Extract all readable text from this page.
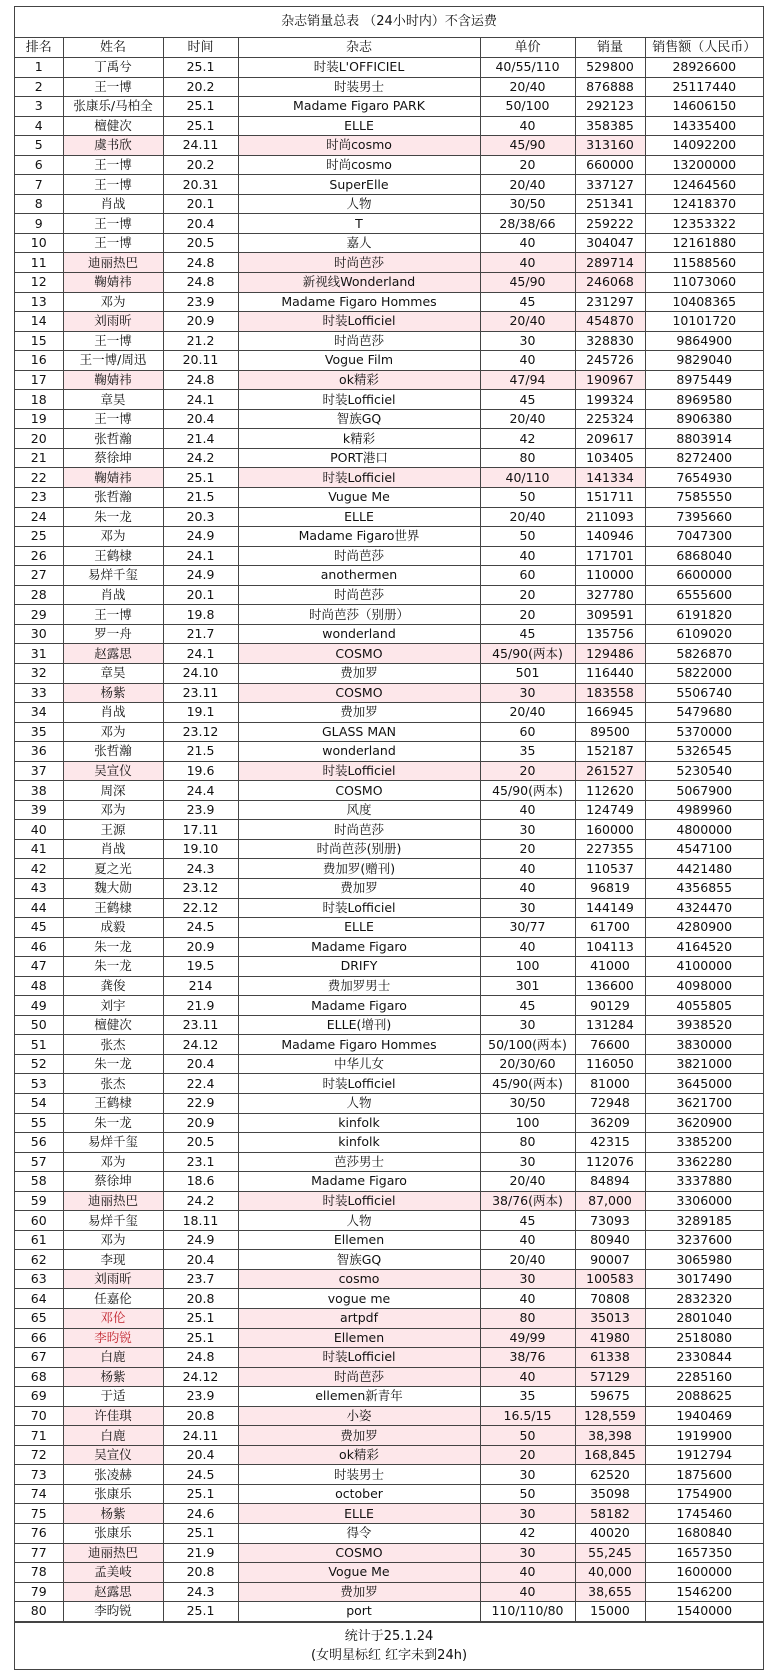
杂志销量总表 （24小时内）不含运费
排名	姓名	时间	杂志	单价	销量	销售额（人民币）
1	丁禹兮	25.1	时装L'OFFICIEL	40/55/110	529800	28926600
2	王一博	20.2	时装男士	20/40	876888	25117440
3	张康乐/马柏全	25.1	Madame Figaro PARK	50/100	292123	14606150
4	檀健次	25.1	ELLE	40	358385	14335400
5	虞书欣	24.11	时尚cosmo	45/90	313160	14092200
6	王一博	20.2	时尚cosmo	20	660000	13200000
7	王一博	20.31	SuperElle	20/40	337127	12464560
8	肖战	20.1	人物	30/50	251341	12418370
9	王一博	20.4	T	28/38/66	259222	12353322
10	王一博	20.5	嘉人	40	304047	12161880
11	迪丽热巴	24.8	时尚芭莎	40	289714	11588560
12	鞠婧祎	24.8	新视线Wonderland	45/90	246068	11073060
13	邓为	23.9	Madame Figaro Hommes	45	231297	10408365
14	刘雨昕	20.9	时装Lofficiel	20/40	454870	10101720
15	王一博	21.2	时尚芭莎	30	328830	9864900
16	王一博/周迅	20.11	Vogue Film	40	245726	9829040
17	鞠婧祎	24.8	ok精彩	47/94	190967	8975449
18	章昊	24.1	时装Lofficiel	45	199324	8969580
19	王一博	20.4	智族GQ	20/40	225324	8906380
20	张哲瀚	21.4	k精彩	42	209617	8803914
21	蔡徐坤	24.2	PORT港口	80	103405	8272400
22	鞠婧祎	25.1	时装Lofficiel	40/110	141334	7654930
23	张哲瀚	21.5	Vugue Me	50	151711	7585550
24	朱一龙	20.3	ELLE	20/40	211093	7395660
25	邓为	24.9	Madame Figaro世界	50	140946	7047300
26	王鹤棣	24.1	时尚芭莎	40	171701	6868040
27	易烊千玺	24.9	anothermen	60	110000	6600000
28	肖战	20.1	时尚芭莎	20	327780	6555600
29	王一博	19.8	时尚芭莎（别册）	20	309591	6191820
30	罗一舟	21.7	wonderland	45	135756	6109020
31	赵露思	24.1	COSMO	45/90(两本)	129486	5826870
32	章昊	24.10	费加罗	501	116440	5822000
33	杨紫	23.11	COSMO	30	183558	5506740
34	肖战	19.1	费加罗	20/40	166945	5479680
35	邓为	23.12	GLASS MAN	60	89500	5370000
36	张哲瀚	21.5	wonderland	35	152187	5326545
37	吴宣仪	19.6	时装Lofficiel	20	261527	5230540
38	周深	24.4	COSMO	45/90(两本)	112620	5067900
39	邓为	23.9	风度	40	124749	4989960
40	王源	17.11	时尚芭莎	30	160000	4800000
41	肖战	19.10	时尚芭莎(别册)	20	227355	4547100
42	夏之光	24.3	费加罗(赠刊)	40	110537	4421480
43	魏大勋	23.12	费加罗	40	96819	4356855
44	王鹤棣	22.12	时装Lofficiel	30	144149	4324470
45	成毅	24.5	ELLE	30/77	61700	4280900
46	朱一龙	20.9	Madame Figaro	40	104113	4164520
47	朱一龙	19.5	DRIFY	100	41000	4100000
48	龚俊	214	费加罗男士	301	136600	4098000
49	刘宇	21.9	Madame Figaro	45	90129	4055805
50	檀健次	23.11	ELLE(增刊)	30	131284	3938520
51	张杰	24.12	Madame Figaro Hommes	50/100(两本)	76600	3830000
52	朱一龙	20.4	中华儿女	20/30/60	116050	3821000
53	张杰	22.4	时装Lofficiel	45/90(两本)	81000	3645000
54	王鹤棣	22.9	人物	30/50	72948	3621700
55	朱一龙	20.9	kinfolk	100	36209	3620900
56	易烊千玺	20.5	kinfolk	80	42315	3385200
57	邓为	23.1	芭莎男士	30	112076	3362280
58	蔡徐坤	18.6	Madame Figaro	20/40	84894	3337880
59	迪丽热巴	24.2	时装Lofficiel	38/76(两本)	87,000	3306000
60	易烊千玺	18.11	人物	45	73093	3289185
61	邓为	24.9	Ellemen	40	80940	3237600
62	李现	20.4	智族GQ	20/40	90007	3065980
63	刘雨昕	23.7	cosmo	30	100583	3017490
64	任嘉伦	20.8	vogue me	40	70808	2832320
65	邓伦	25.1	artpdf	80	35013	2801040
66	李昀锐	25.1	Ellemen	49/99	41980	2518080
67	白鹿	24.8	时装Lofficiel	38/76	61338	2330844
68	杨紫	24.12	时尚芭莎	40	57129	2285160
69	于适	23.9	ellemen新青年	35	59675	2088625
70	许佳琪	20.8	小姿	16.5/15	128,559	1940469
71	白鹿	24.11	费加罗	50	38,398	1919900
72	吴宣仪	20.4	ok精彩	20	168,845	1912794
73	张凌赫	24.5	时装男士	30	62520	1875600
74	张康乐	25.1	october	50	35098	1754900
75	杨紫	24.6	ELLE	30	58182	1745460
76	张康乐	25.1	得令	42	40020	1680840
77	迪丽热巴	21.9	COSMO	30	55,245	1657350
78	孟美岐	20.8	Vogue Me	40	40,000	1600000
79	赵露思	24.3	费加罗	40	38,655	1546200
80	李昀锐	25.1	port	110/110/80	15000	1540000
统计于25.1.24
(女明星标红 红字未到24h)
